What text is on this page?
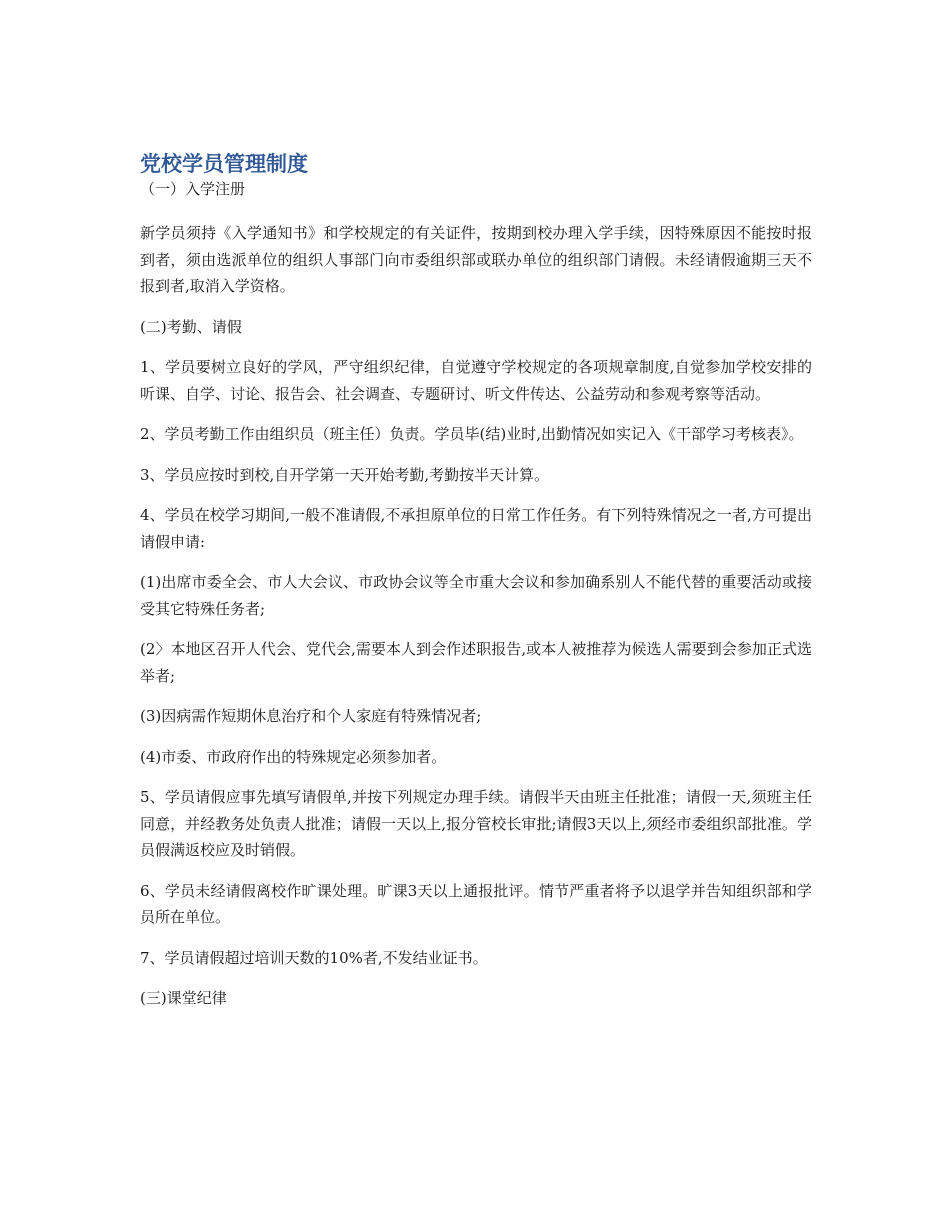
党校学员管理制度

（一）入学注册

新学员须持《入学通知书》和学校规定的有关证件，按期到校办理入学手续，因特殊原因不能按时报到者，须由选派单位的组织人事部门向市委组织部或联办单位的组织部门请假。未经请假逾期三天不报到者,取消入学资格。

(二)考勤、请假

1、学员要树立良好的学风，严守组织纪律，自觉遵守学校规定的各项规章制度,自觉参加学校安排的听课、自学、讨论、报告会、社会调查、专题研讨、听文件传达、公益劳动和参观考察等活动。

2、学员考勤工作由组织员（班主任）负责。学员毕(结)业时,出勤情况如实记入《干部学习考核表》。

3、学员应按时到校,自开学第一天开始考勤,考勤按半天计算。

4、学员在校学习期间,一般不准请假,不承担原单位的日常工作任务。有下列特殊情况之一者,方可提出请假申请:

(1)出席市委全会、市人大会议、市政协会议等全市重大会议和参加确系别人不能代替的重要活动或接受其它特殊任务者;

(2〉本地区召开人代会、党代会,需要本人到会作述职报告,或本人被推荐为候选人需要到会参加正式选举者;

(3)因病需作短期休息治疗和个人家庭有特殊情况者;

(4)市委、市政府作出的特殊规定必须参加者。

5、学员请假应事先填写请假单,并按下列规定办理手续。请假半天由班主任批准；请假一天,须班主任同意，并经教务处负责人批准；请假一天以上,报分管校长审批;请假3天以上,须经市委组织部批准。学员假满返校应及时销假。

6、学员未经请假离校作旷课处理。旷课3天以上通报批评。情节严重者将予以退学并告知组织部和学员所在单位。

7、学员请假超过培训天数的10%者,不发结业证书。

(三)课堂纪律
